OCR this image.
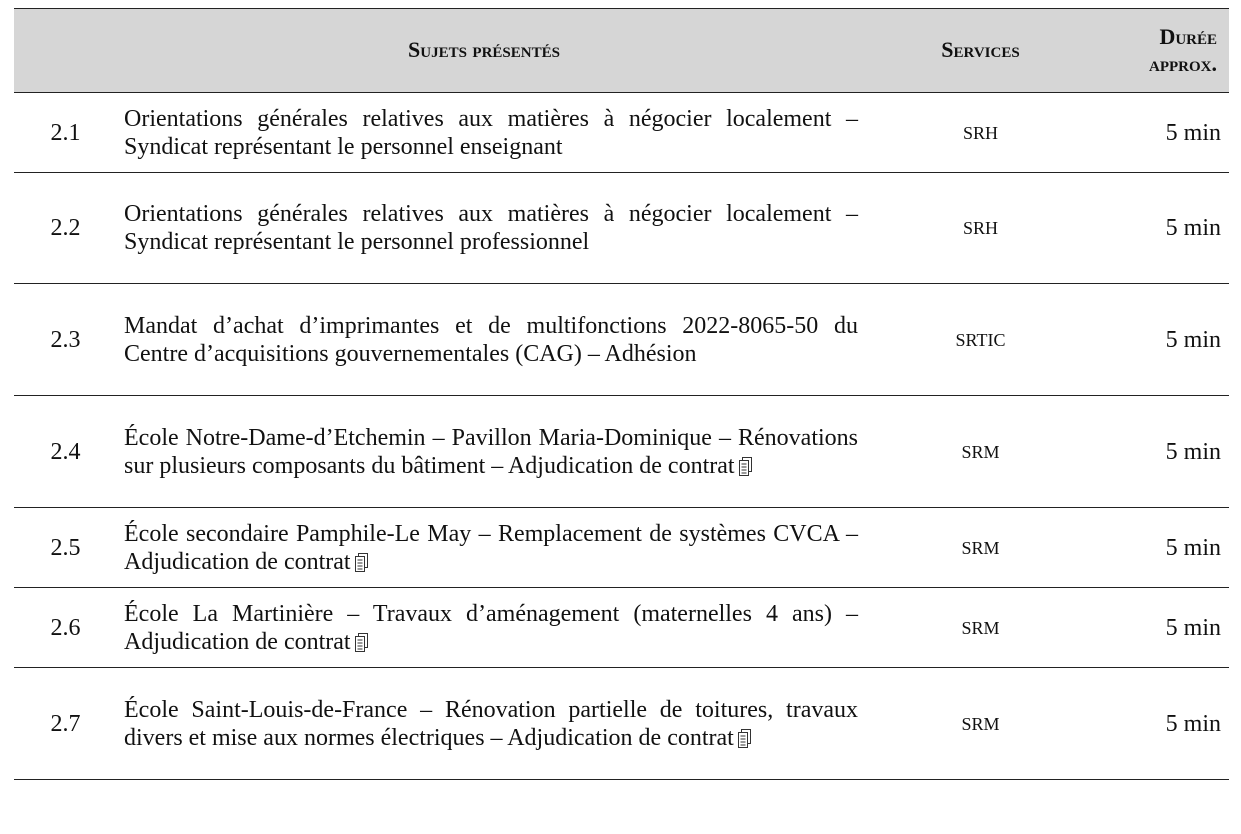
	Sujets présentés	Services	Durée approx.
2.1	Orientations générales relatives aux matières à négocier localement – Syndicat représentant le personnel enseignant	SRH	5 min
2.2	Orientations générales relatives aux matières à négocier localement – Syndicat représentant le personnel professionnel	SRH	5 min
2.3	Mandat d’achat d’imprimantes et de multifonctions 2022-8065-50 du Centre d’acquisitions gouvernementales (CAG) – Adhésion	SRTIC	5 min
2.4	École Notre-Dame-d’Etchemin – Pavillon Maria-Dominique – Rénovations sur plusieurs composants du bâtiment – Adjudication de contrat	SRM	5 min
2.5	École secondaire Pamphile-Le May – Remplacement de systèmes CVCA – Adjudication de contrat	SRM	5 min
2.6	École La Martinière – Travaux d’aménagement (maternelles 4 ans) – Adjudication de contrat	SRM	5 min
2.7	École Saint-Louis-de-France – Rénovation partielle de toitures, travaux divers et mise aux normes électriques – Adjudication de contrat	SRM	5 min
